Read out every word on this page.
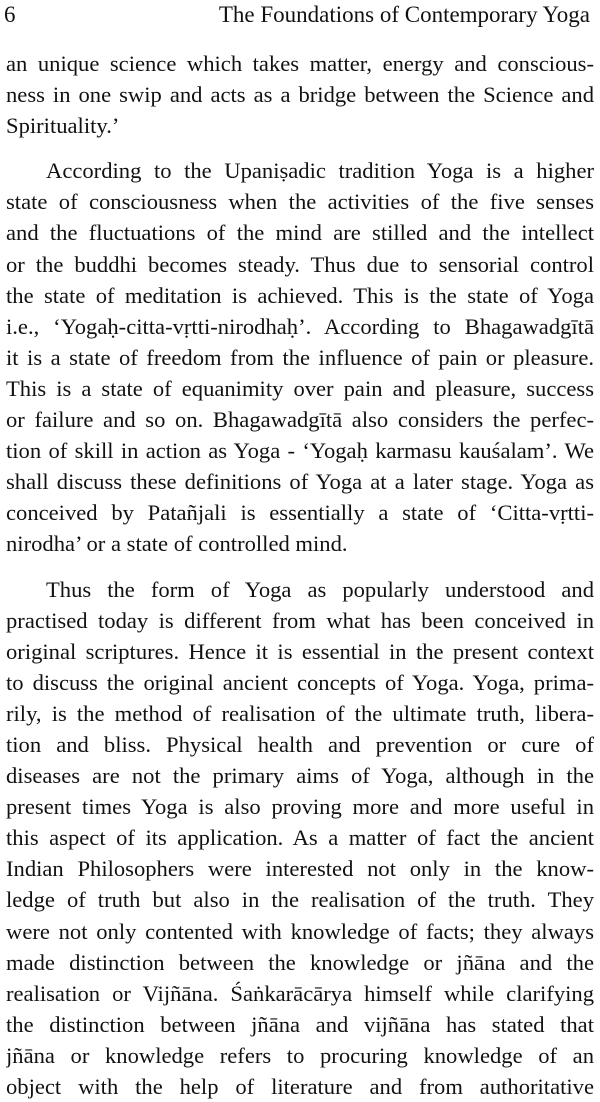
6	The Foundations of Contemporary Yoga

an unique science which takes matter, energy and conscious-
ness in one swip and acts as a bridge between the Science and
Spirituality.’

According to the Upaniṣadic tradition Yoga is a higher
state of consciousness when the activities of the five senses
and the fluctuations of the mind are stilled and the intellect
or the buddhi becomes steady. Thus due to sensorial control
the state of meditation is achieved. This is the state of Yoga
i.e., ‘Yogaḥ-citta-vṛtti-nirodhaḥ’. According to Bhagawadgītā
it is a state of freedom from the influence of pain or pleasure.
This is a state of equanimity over pain and pleasure, success
or failure and so on. Bhagawadgītā also considers the perfec-
tion of skill in action as Yoga - ‘Yogaḥ karmasu kauśalam’. We
shall discuss these definitions of Yoga at a later stage. Yoga as
conceived by Patañjali is essentially a state of ‘Citta-vṛtti-
nirodha’ or a state of controlled mind.

Thus the form of Yoga as popularly understood and
practised today is different from what has been conceived in
original scriptures. Hence it is essential in the present context
to discuss the original ancient concepts of Yoga. Yoga, prima-
rily, is the method of realisation of the ultimate truth, libera-
tion and bliss. Physical health and prevention or cure of
diseases are not the primary aims of Yoga, although in the
present times Yoga is also proving more and more useful in
this aspect of its application. As a matter of fact the ancient
Indian Philosophers were interested not only in the know-
ledge of truth but also in the realisation of the truth. They
were not only contented with knowledge of facts; they always
made distinction between the knowledge or jñāna and the
realisation or Vijñāna. Śaṅkarācārya himself while clarifying
the distinction between jñāna and vijñāna has stated that
jñāna or knowledge refers to procuring knowledge of an
object with the help of literature and from authoritative
